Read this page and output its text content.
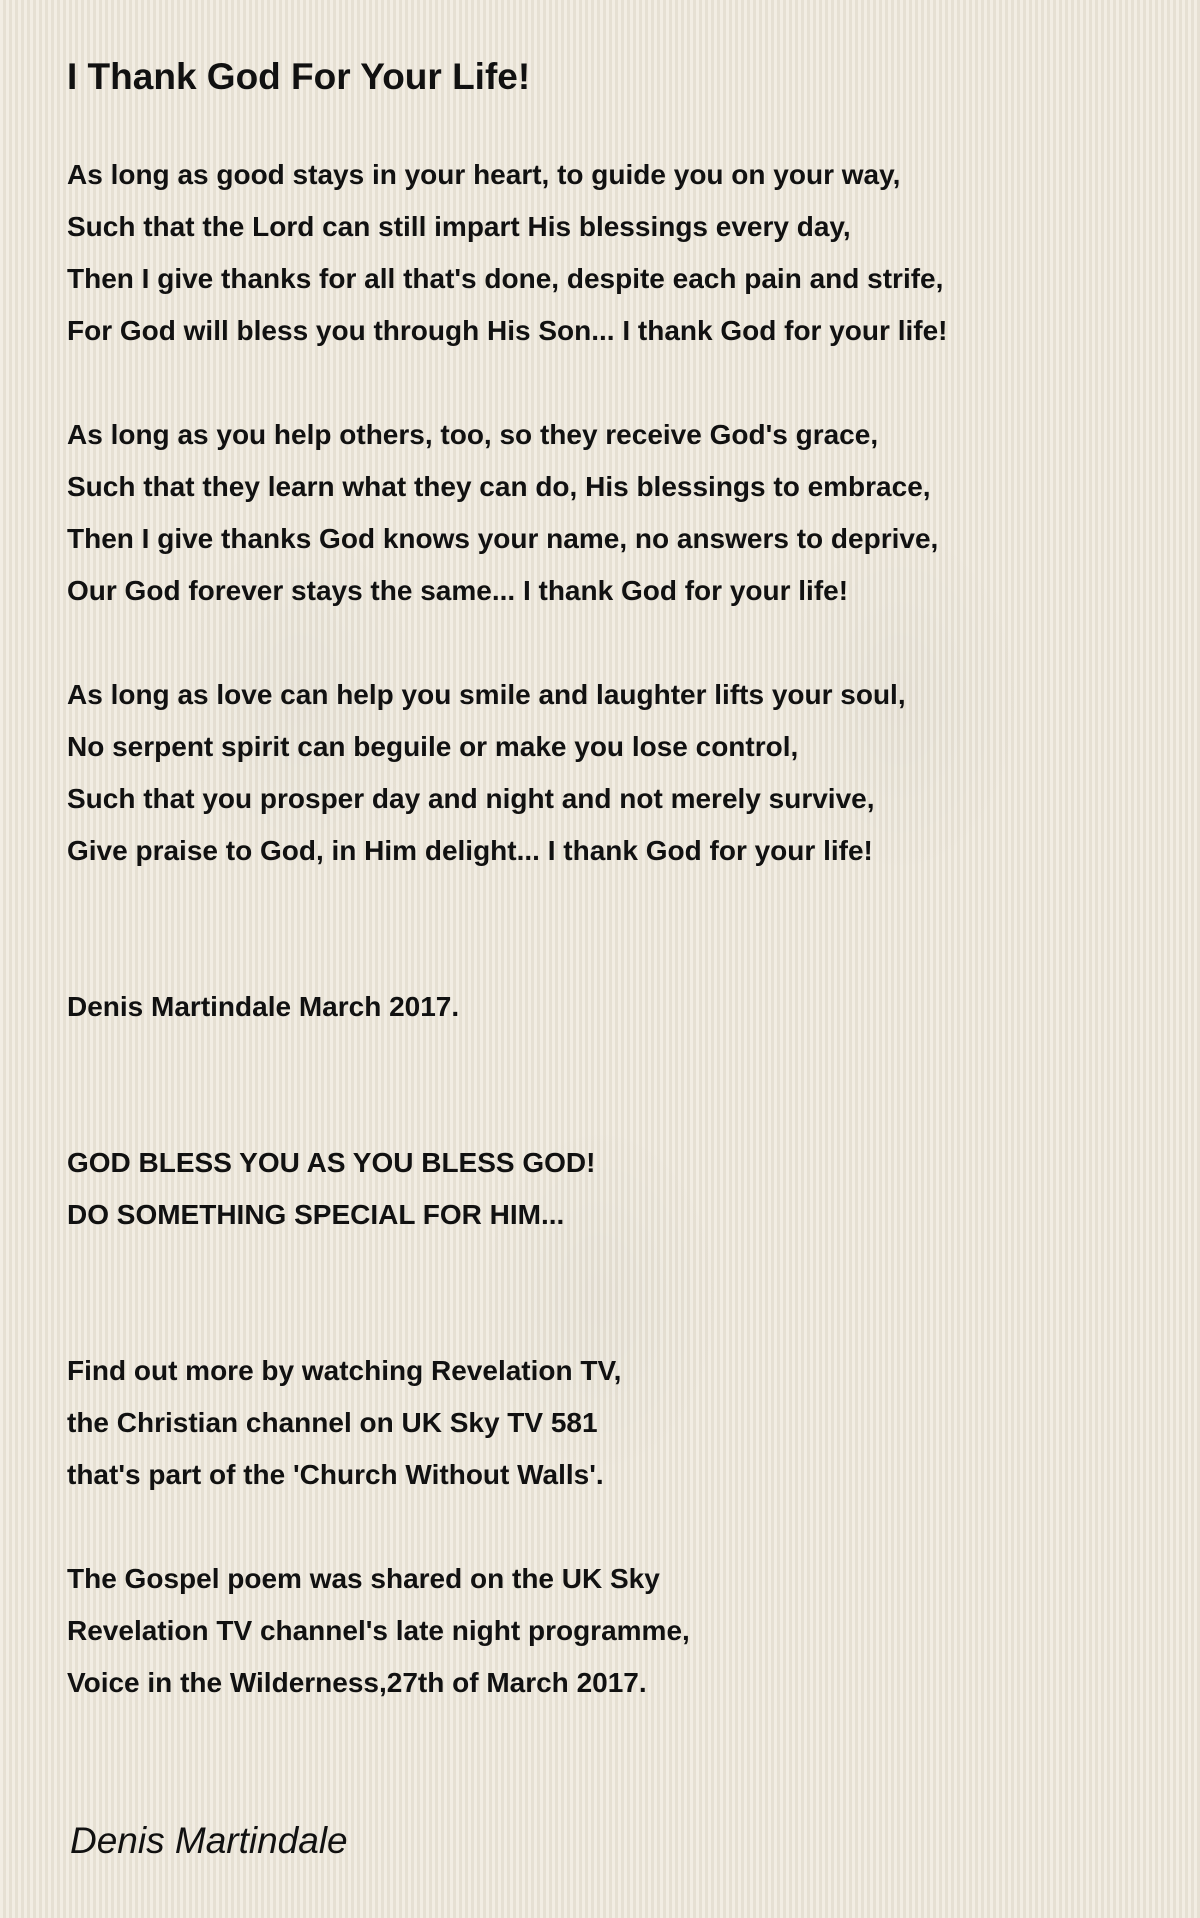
I Thank God For Your Life!
As long as good stays in your heart, to guide you on your way,
Such that the Lord can still impart His blessings every day,
Then I give thanks for all that's done, despite each pain and strife,
For God will bless you through His Son... I thank God for your life!
As long as you help others, too, so they receive God's grace,
Such that they learn what they can do, His blessings to embrace,
Then I give thanks God knows your name, no answers to deprive,
Our God forever stays the same... I thank God for your life!
As long as love can help you smile and laughter lifts your soul,
No serpent spirit can beguile or make you lose control,
Such that you prosper day and night and not merely survive,
Give praise to God, in Him delight... I thank God for your life!
Denis Martindale March 2017.
GOD BLESS YOU AS YOU BLESS GOD!
DO SOMETHING SPECIAL FOR HIM...
Find out more by watching Revelation TV,
the Christian channel on UK Sky TV 581
that's part of the 'Church Without Walls'.
The Gospel poem was shared on the UK Sky
Revelation TV channel's late night programme,
Voice in the Wilderness,27th of March 2017.
Denis Martindale
